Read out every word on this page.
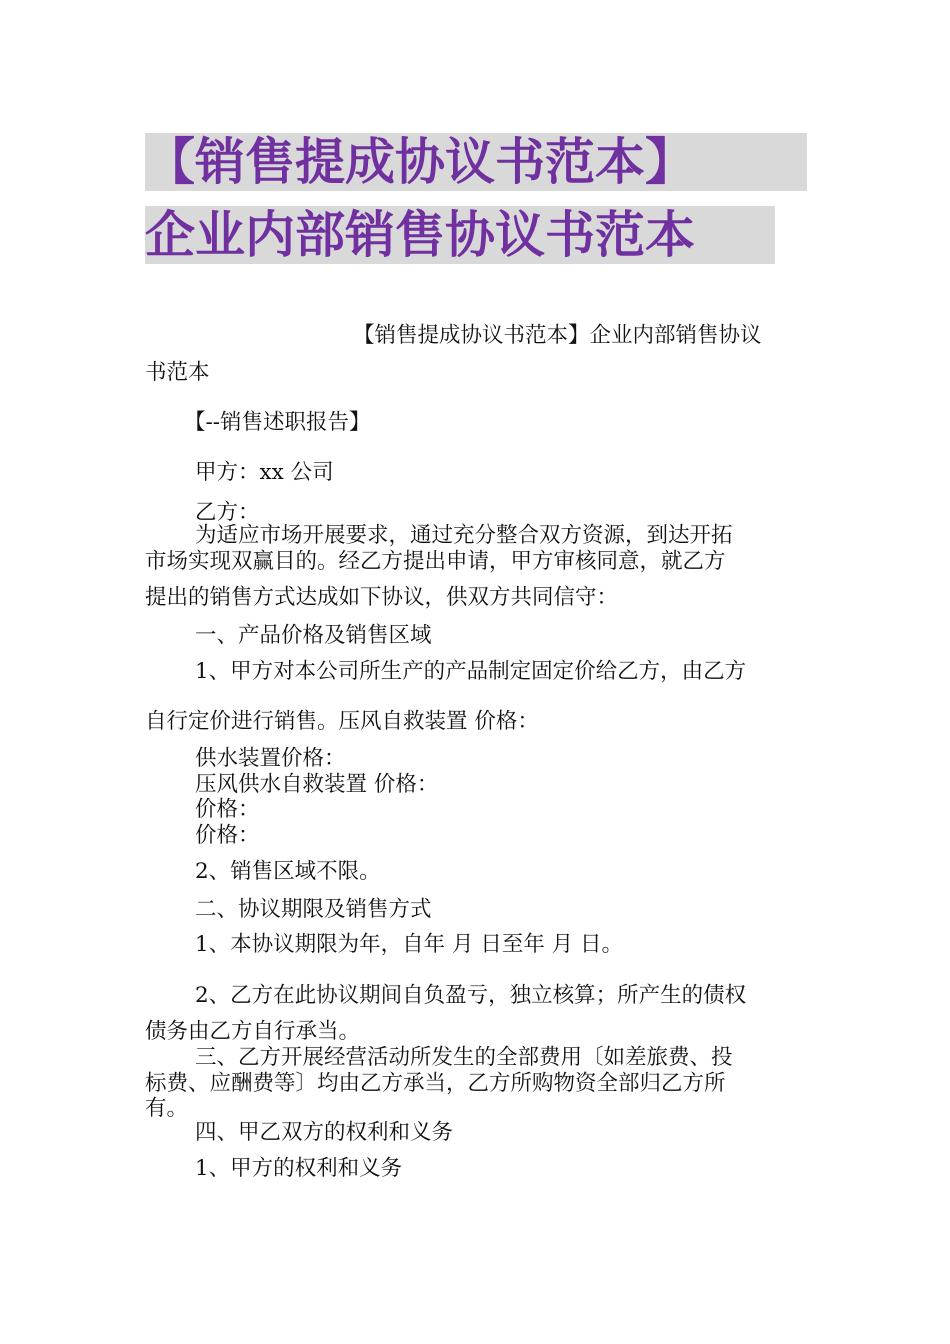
【销售提成协议书范本】
企业内部销售协议书范本
【销售提成协议书范本】企业内部销售协议
书范本
【--销售述职报告】
甲方：xx 公司
乙方：
为适应市场开展要求，通过充分整合双方资源，到达开拓
市场实现双赢目的。经乙方提出申请，甲方审核同意，就乙方
提出的销售方式达成如下协议，供双方共同信守：
一、产品价格及销售区域
1、甲方对本公司所生产的产品制定固定价给乙方，由乙方
自行定价进行销售。压风自救装置 价格：
供水装置价格：
压风供水自救装置 价格：
价格：
价格：
2、销售区域不限。
二、协议期限及销售方式
1、本协议期限为年，自年 月 日至年 月 日。
2、乙方在此协议期间自负盈亏，独立核算；所产生的债权
债务由乙方自行承当。
三、乙方开展经营活动所发生的全部费用〔如差旅费、投
标费、应酬费等〕均由乙方承当，乙方所购物资全部归乙方所
有。
四、甲乙双方的权利和义务
1、甲方的权利和义务
